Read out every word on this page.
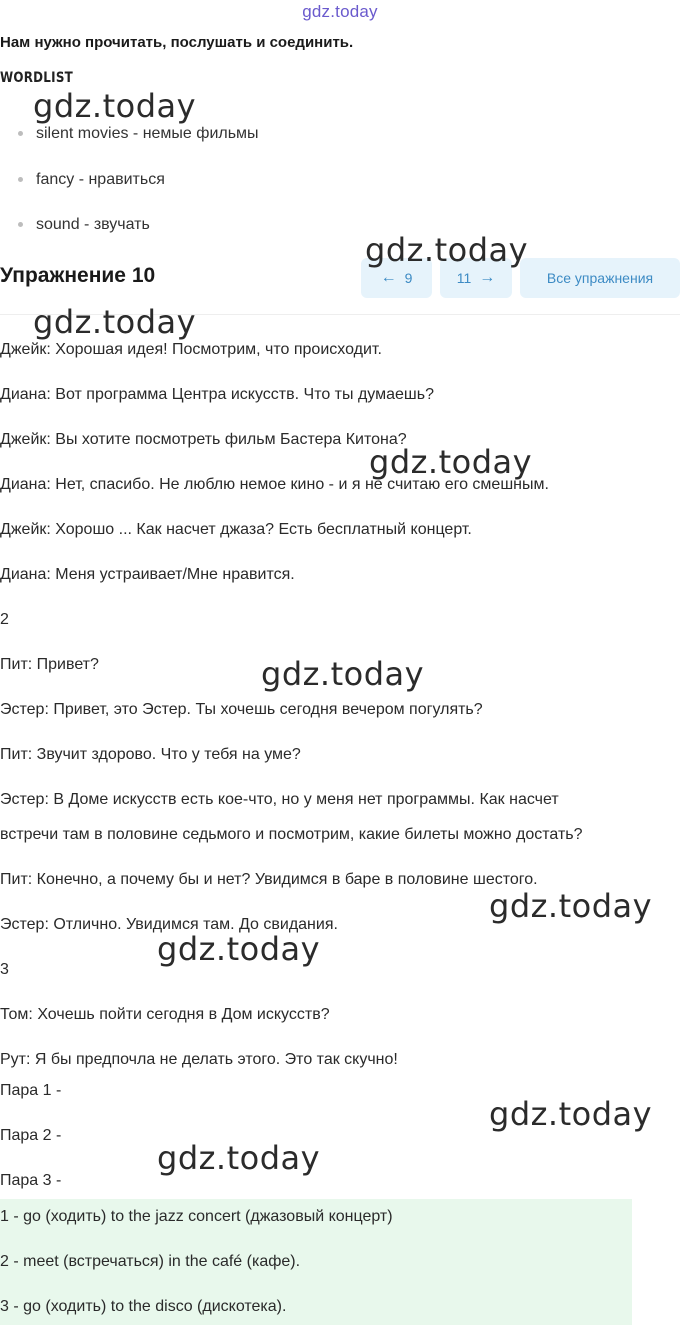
gdz.today
Нам нужно прочитать, послушать и соединить.
WORDLIST
silent movies - немые фильмы
fancy - нравиться
sound - звучать
Упражнение 10	← 9	11 →	Все упражнения
Джейк: Хорошая идея! Посмотрим, что происходит.
Диана: Вот программа Центра искусств. Что ты думаешь?
Джейк: Вы хотите посмотреть фильм Бастера Китона?
Диана: Нет, спасибо. Не люблю немое кино - и я не считаю его смешным.
Джейк: Хорошо ... Как насчет джаза? Есть бесплатный концерт.
Диана: Меня устраивает/Мне нравится.
2
Пит: Привет?
Эстер: Привет, это Эстер. Ты хочешь сегодня вечером погулять?
Пит: Звучит здорово. Что у тебя на уме?
Эстер: В Доме искусств есть кое-что, но у меня нет программы. Как насчет
встречи там в половине седьмого и посмотрим, какие билеты можно достать?
Пит: Конечно, а почему бы и нет? Увидимся в баре в половине шестого.
Эстер: Отлично. Увидимся там. До свидания.
3
Том: Хочешь пойти сегодня в Дом искусств?
Рут: Я бы предпочла не делать этого. Это так скучно!
Пара 1 -
Пара 2 -
Пара 3 -
1 - go (ходить) to the jazz concert (джазовый концерт)
2 - meet (встречаться) in the café (кафе).
3 - go (ходить) to the disco (дискотека).
gdz.today
gdz.today
gdz.today
gdz.today
gdz.today
gdz.today
gdz.today
gdz.today
gdz.today
